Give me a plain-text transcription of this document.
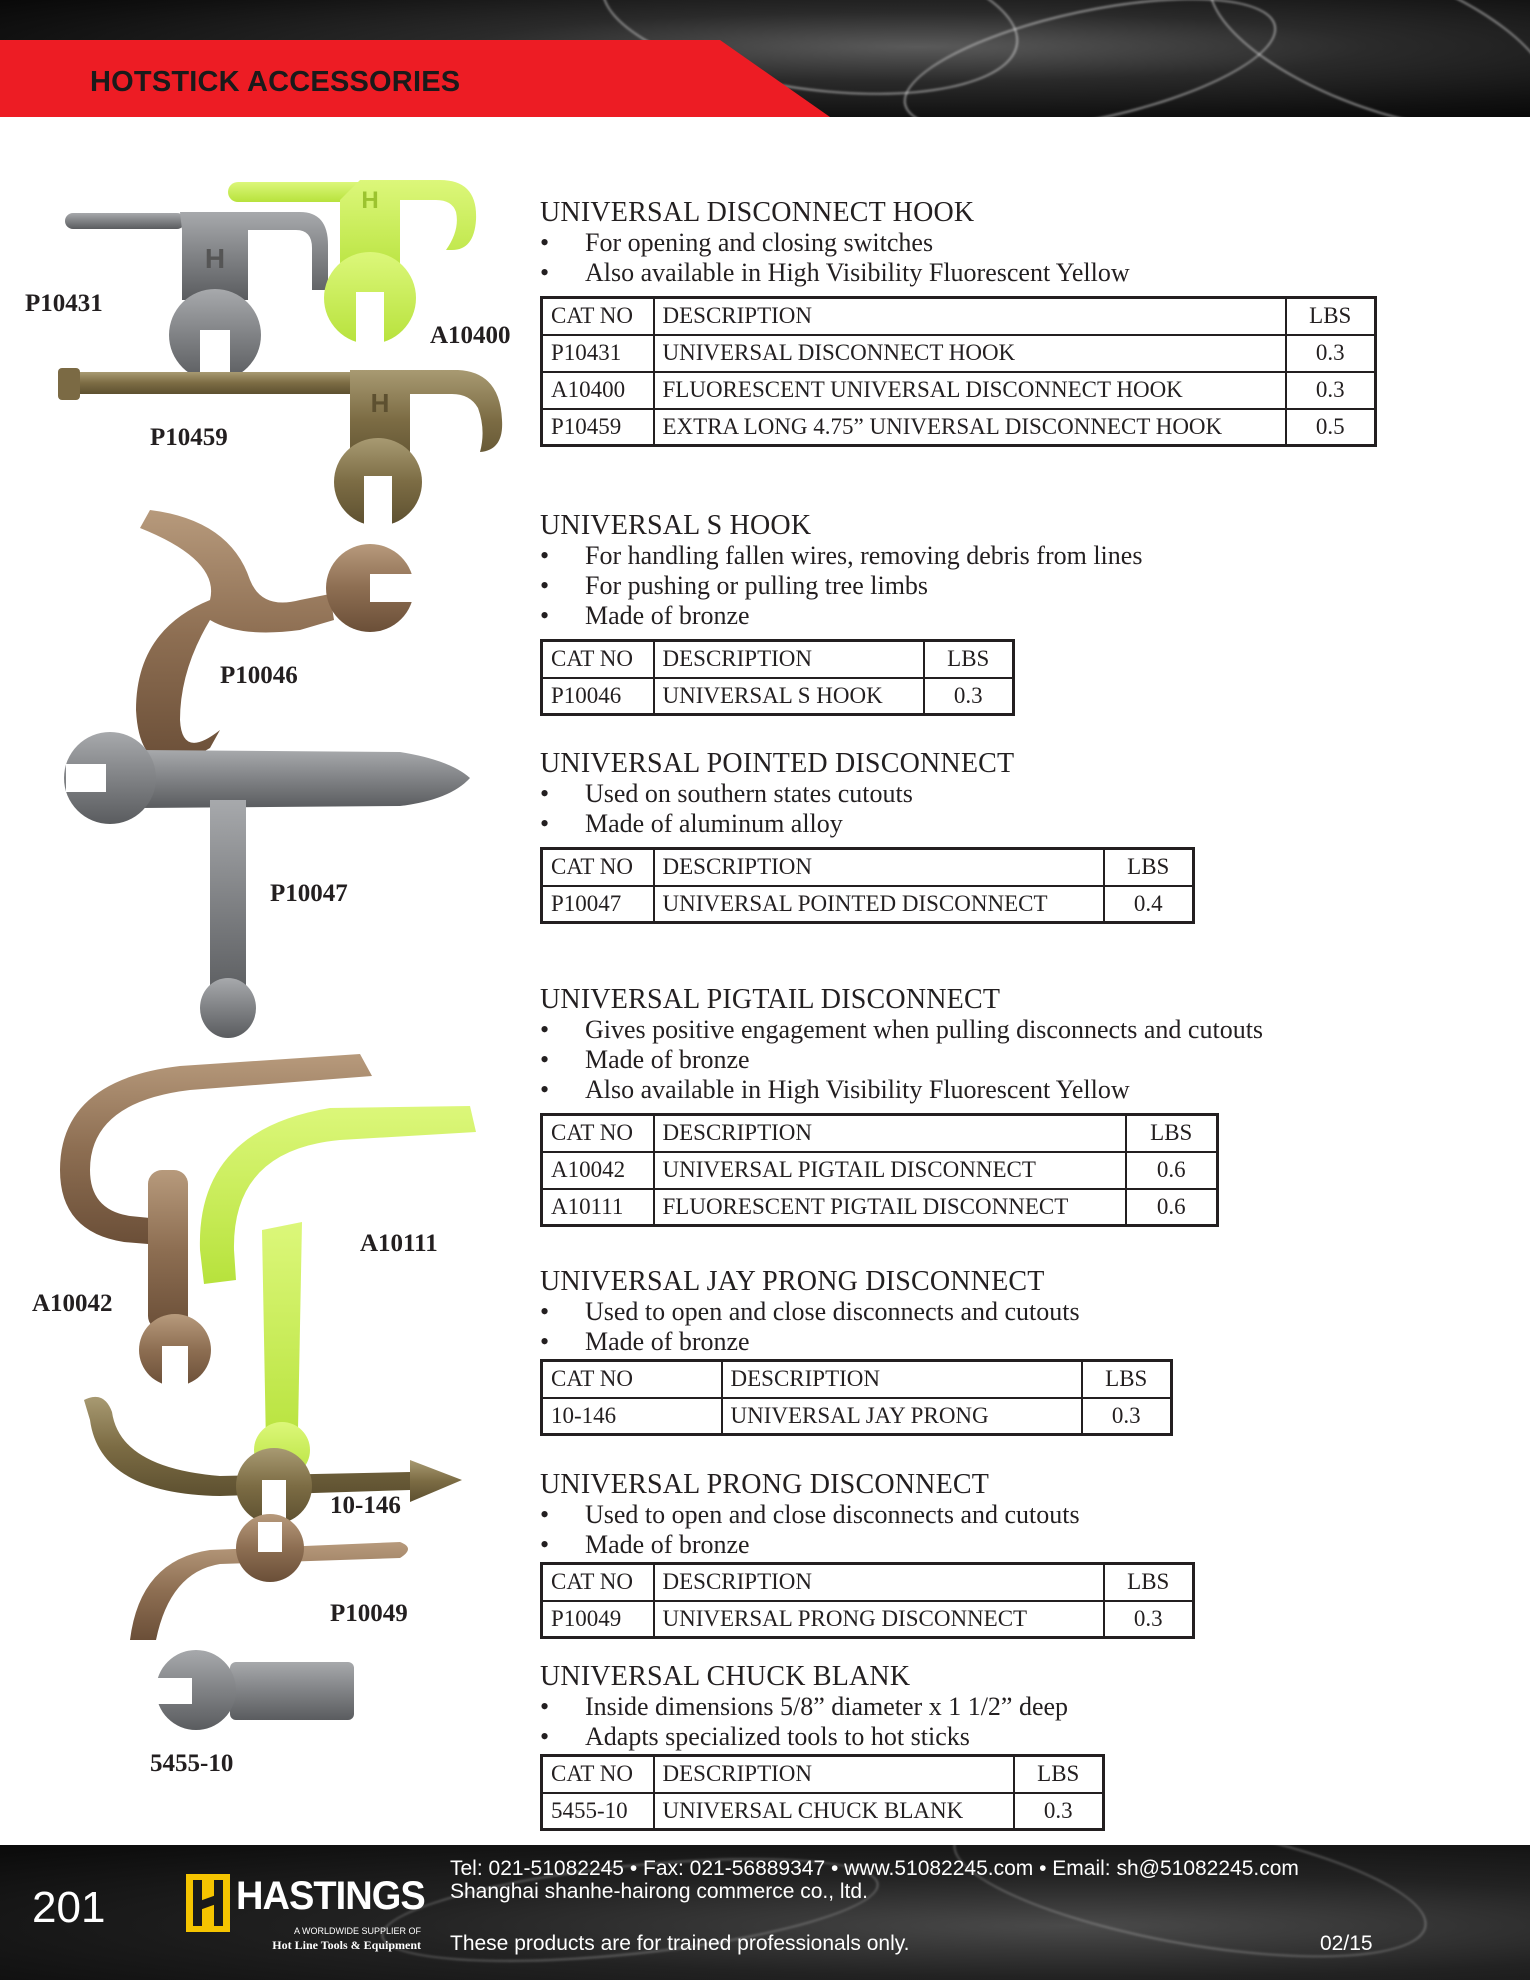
HOTSTICK ACCESSORIES
H
H
H
P10431
A10400
P10459
P10046
P10047
A10111
A10042
10-146
P10049
5455-10
UNIVERSAL DISCONNECT HOOK
• For opening and closing switches
• Also available in High Visibility Fluorescent Yellow
CAT NO	DESCRIPTION	LBS
P10431	UNIVERSAL DISCONNECT HOOK	0.3
A10400	FLUORESCENT UNIVERSAL DISCONNECT HOOK	0.3
P10459	EXTRA LONG 4.75” UNIVERSAL DISCONNECT HOOK	0.5
UNIVERSAL S HOOK
• For handling fallen wires, removing debris from lines
• For pushing or pulling tree limbs
• Made of bronze
CAT NO	DESCRIPTION	LBS
P10046	UNIVERSAL S HOOK	0.3
UNIVERSAL POINTED DISCONNECT
• Used on southern states cutouts
• Made of aluminum alloy
CAT NO	DESCRIPTION	LBS
P10047	UNIVERSAL POINTED DISCONNECT	0.4
UNIVERSAL PIGTAIL DISCONNECT
• Gives positive engagement when pulling disconnects and cutouts
• Made of bronze
• Also available in High Visibility Fluorescent Yellow
CAT NO	DESCRIPTION	LBS
A10042	UNIVERSAL PIGTAIL DISCONNECT	0.6
A10111	FLUORESCENT PIGTAIL DISCONNECT	0.6
UNIVERSAL JAY PRONG DISCONNECT
• Used to open and close disconnects and cutouts
• Made of bronze
CAT NO	DESCRIPTION	LBS
10-146	UNIVERSAL JAY PRONG	0.3
UNIVERSAL PRONG DISCONNECT
• Used to open and close disconnects and cutouts
• Made of bronze
CAT NO	DESCRIPTION	LBS
P10049	UNIVERSAL PRONG DISCONNECT	0.3
UNIVERSAL CHUCK BLANK
• Inside dimensions 5/8” diameter x 1 1/2” deep
• Adapts specialized tools to hot sticks
CAT NO	DESCRIPTION	LBS
5455-10	UNIVERSAL CHUCK BLANK	0.3
201	HASTINGS
A WORLDWIDE SUPPLIER OF
Hot Line Tools & Equipment
Tel: 021-51082245 • Fax: 021-56889347 • www.51082245.com • Email: sh@51082245.com
Shanghai shanhe-hairong commerce co., ltd.
These products are for trained professionals only.	02/15
